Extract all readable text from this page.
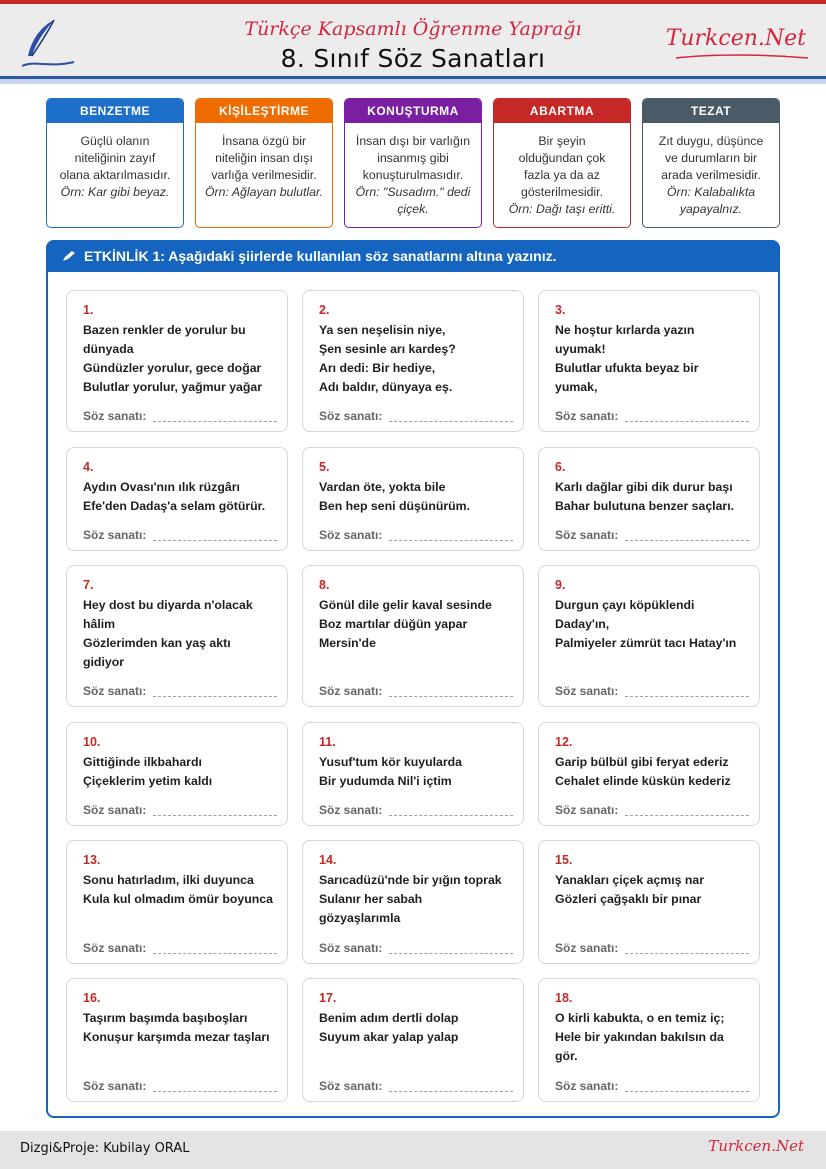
Türkçe Kapsamlı Öğrenme Yaprağı
8. Sınıf Söz Sanatları
Turkcen.Net
BENZETME
Güçlü olanın
niteliğinin zayıf
olana aktarılmasıdır.
Örn: Kar gibi beyaz.
KİŞİLEŞTİRME
İnsana özgü bir
niteliğin insan dışı
varlığa verilmesidir.
Örn: Ağlayan bulutlar.
KONUŞTURMA
İnsan dışı bir varlığın
insanmış gibi
konuşturulmasıdır.
Örn: "Susadım." dedi çiçek.
ABARTMA
Bir şeyin
olduğundan çok
fazla ya da az
gösterilmesidir.
Örn: Dağı taşı eritti.
TEZAT
Zıt duygu, düşünce
ve durumların bir
arada verilmesidir.
Örn: Kalabalıkta yapayalnız.
ETKİNLİK 1: Aşağıdaki şiirlerde kullanılan söz sanatlarını altına yazınız.
1.
Bazen renkler de yorulur bu
dünyada
Gündüzler yorulur, gece doğar
Bulutlar yorulur, yağmur yağar
Söz sanatı:
2.
Ya sen neşelisin niye,
Şen sesinle arı kardeş?
Arı dedi: Bir hediye,
Adı baldır, dünyaya eş.
Söz sanatı:
3.
Ne hoştur kırlarda yazın
uyumak!
Bulutlar ufukta beyaz bir
yumak,
Söz sanatı:
4.
Aydın Ovası'nın ılık rüzgârı
Efe'den Dadaş'a selam götürür.
Söz sanatı:
5.
Vardan öte, yokta bile
Ben hep seni düşünürüm.
Söz sanatı:
6.
Karlı dağlar gibi dik durur başı
Bahar bulutuna benzer saçları.
Söz sanatı:
7.
Hey dost bu diyarda n'olacak
hâlim
Gözlerimden kan yaş aktı
gidiyor
Söz sanatı:
8.
Gönül dile gelir kaval sesinde
Boz martılar düğün yapar
Mersin'de
Söz sanatı:
9.
Durgun çayı köpüklendi
Daday'ın,
Palmiyeler zümrüt tacı Hatay'ın
Söz sanatı:
10.
Gittiğinde ilkbahardı
Çiçeklerim yetim kaldı
Söz sanatı:
11.
Yusuf'tum kör kuyularda
Bir yudumda Nil'i içtim
Söz sanatı:
12.
Garip bülbül gibi feryat ederiz
Cehalet elinde küskün kederiz
Söz sanatı:
13.
Sonu hatırladım, ilki duyunca
Kula kul olmadım ömür boyunca
Söz sanatı:
14.
Sarıcadüzü'nde bir yığın toprak
Sulanır her sabah
gözyaşlarımla
Söz sanatı:
15.
Yanakları çiçek açmış nar
Gözleri çağşaklı bir pınar
Söz sanatı:
16.
Taşırım başımda başıboşları
Konuşur karşımda mezar taşları
Söz sanatı:
17.
Benim adım dertli dolap
Suyum akar yalap yalap
Söz sanatı:
18.
O kirli kabukta, o en temiz iç;
Hele bir yakından bakılsın da
gör.
Söz sanatı:
Dizgi&Proje: Kubilay ORAL	Turkcen.Net
